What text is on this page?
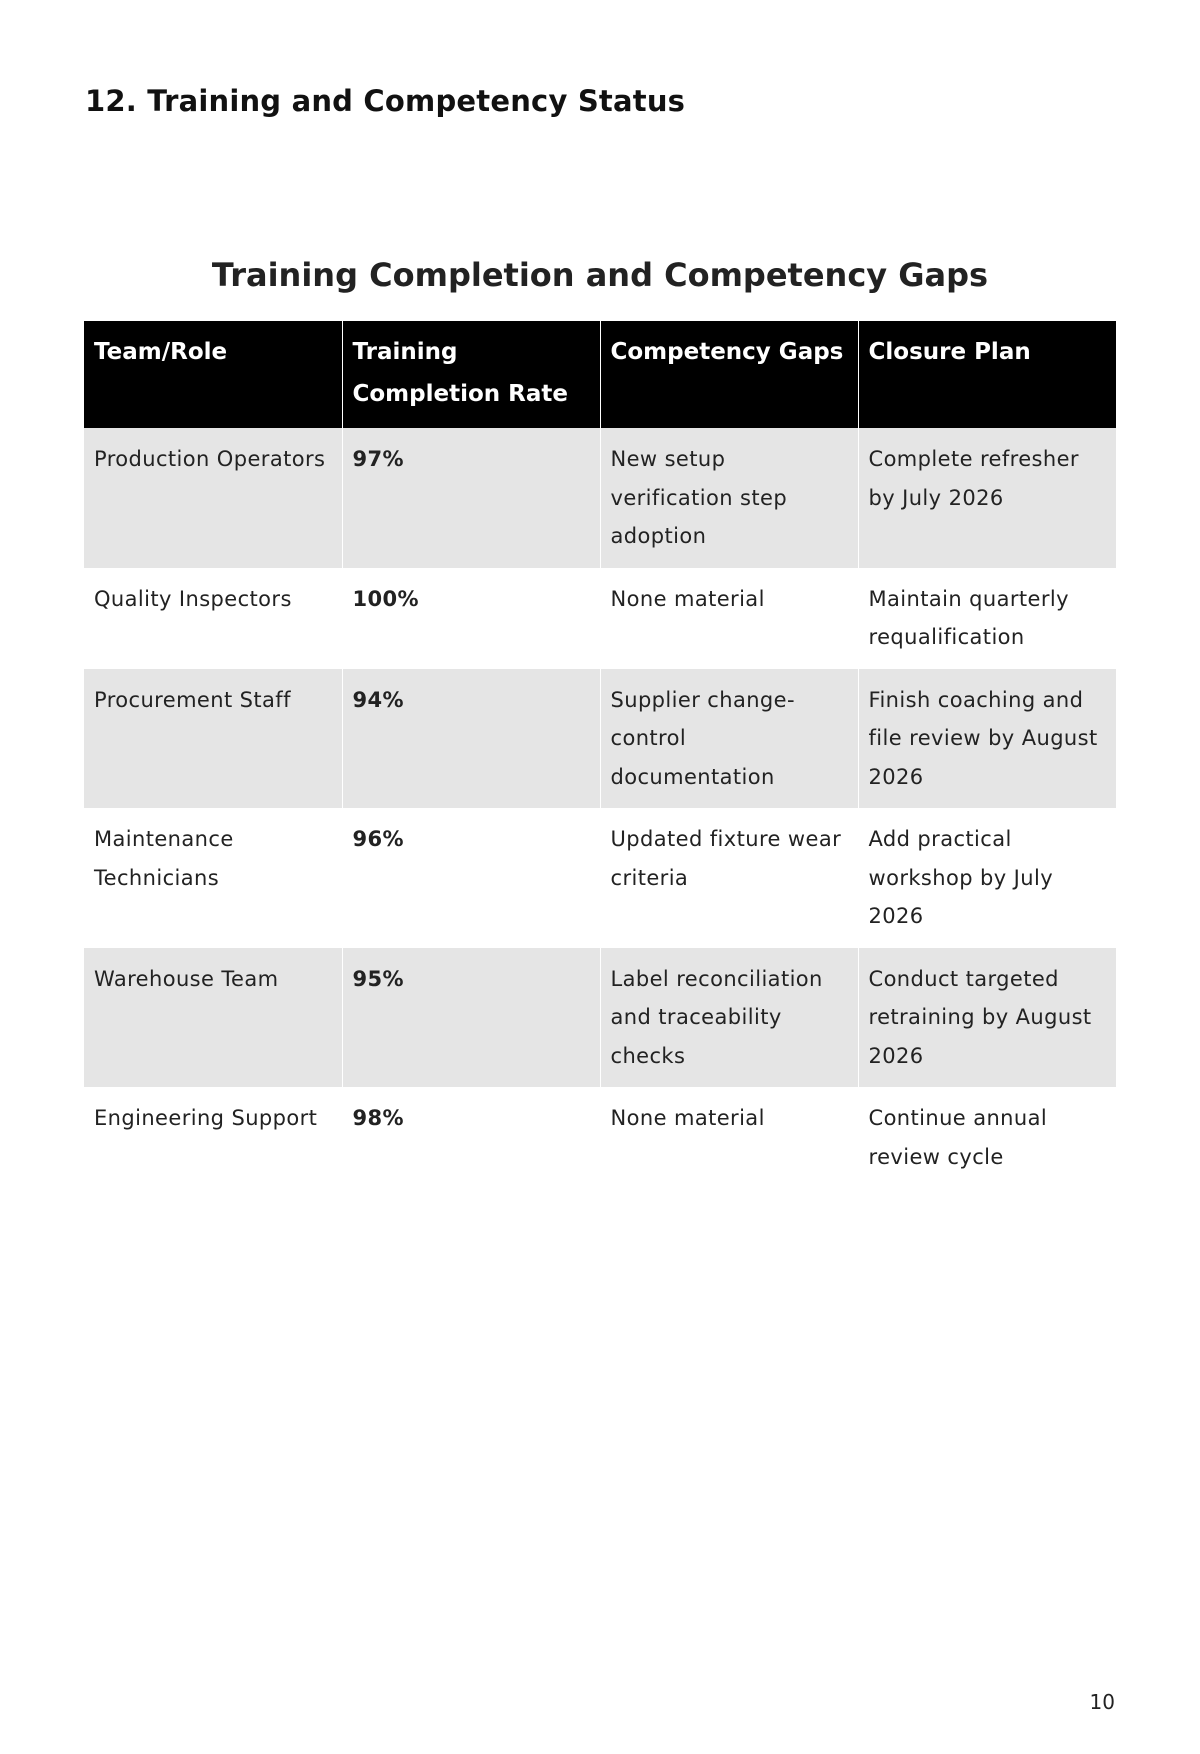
12. Training and Competency Status
Training Completion and Competency Gaps
Team/Role	Training Completion Rate	Competency Gaps	Closure Plan
Production Operators	97%	New setup verification step adoption	Complete refresher by July 2026
Quality Inspectors	100%	None material	Maintain quarterly requalification
Procurement Staff	94%	Supplier change-control documentation	Finish coaching and file review by August 2026
Maintenance Technicians	96%	Updated fixture wear criteria	Add practical workshop by July 2026
Warehouse Team	95%	Label reconciliation and traceability checks	Conduct targeted retraining by August 2026
Engineering Support	98%	None material	Continue annual review cycle
10
